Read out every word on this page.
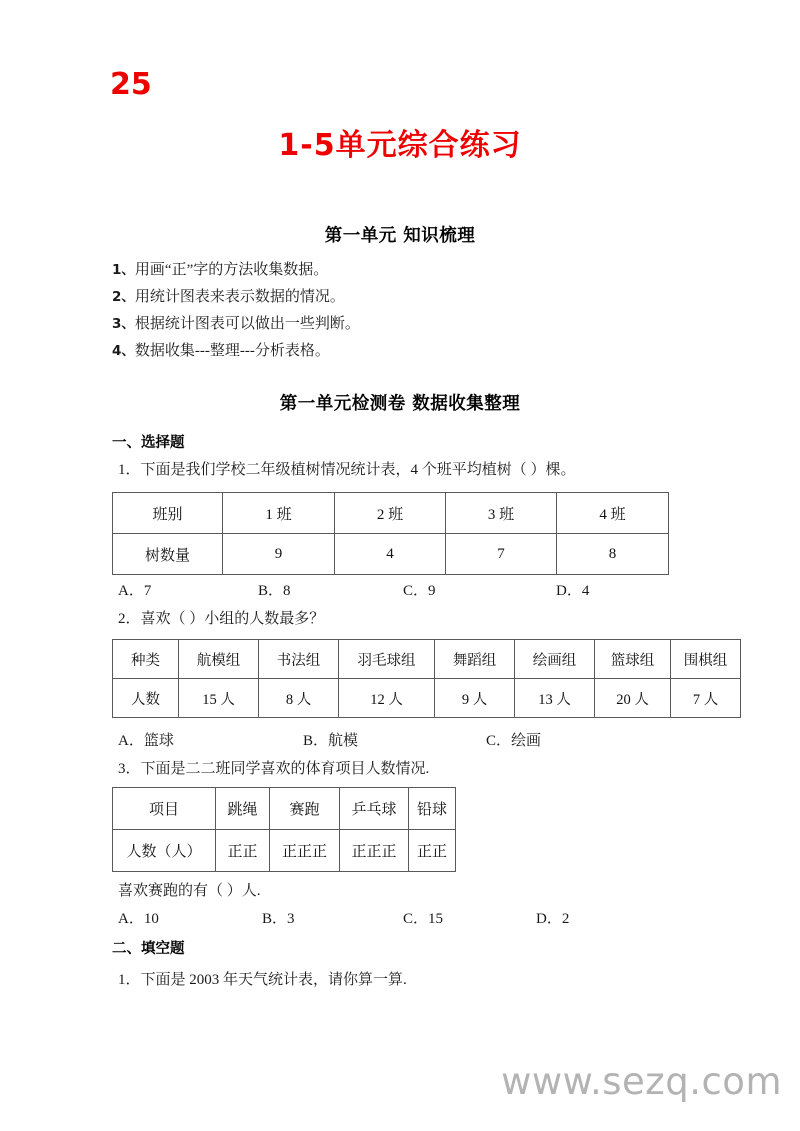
25
1-5单元综合练习
第一单元 知识梳理
1、用画“正”字的方法收集数据。
2、用统计图表来表示数据的情况。
3、根据统计图表可以做出一些判断。
4、数据收集---整理---分析表格。
第一单元检测卷 数据收集整理
一、选择题
1．下面是我们学校二年级植树情况统计表，4 个班平均植树（ ）棵。
班别	1 班	2 班	3 班	4 班
树数量	9	4	7	8
A．7	B．8	C．9	D．4
2．喜欢（ ）小组的人数最多？
种类	航模组	书法组	羽毛球组	舞蹈组	绘画组	篮球组	围棋组
人数	15 人	8 人	12 人	9 人	13 人	20 人	7 人
A．篮球	B．航模	C．绘画
3．下面是二二班同学喜欢的体育项目人数情况.
项目	跳绳	赛跑	乒乓球	铅球
人数（人）	正正	正正正	正正正	正正
喜欢赛跑的有（ ）人.
A．10	B．3	C．15	D．2
二、填空题
1．下面是 2003 年天气统计表，请你算一算.
www.sezq.com
